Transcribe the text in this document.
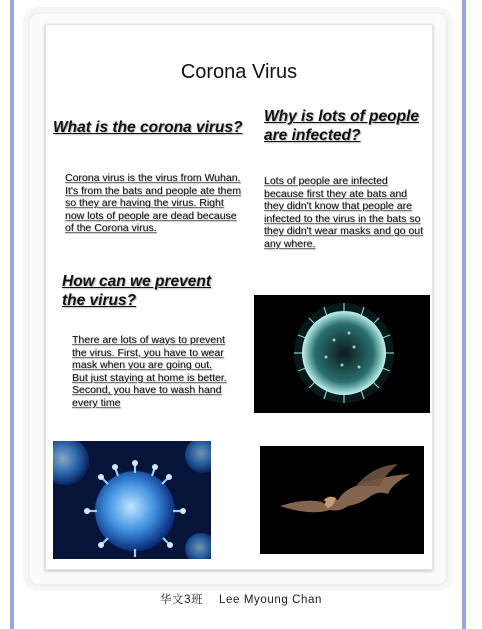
Corona Virus
What is the corona virus?
Corona virus is the virus from Wuhan. It's from the bats and people ate them so they are having the virus. Right now lots of people are dead because of the Corona virus.
Why is lots of people are infected?
Lots of people are infected because first they ate bats and they didn't know that people are infected to the virus in the bats so they didn't wear masks and go out any where.
How can we prevent the virus?
There are lots of ways to prevent the virus. First, you have to wear mask when you are going out. But just staying at home is better. Second, you have to wash hand every time
华文3班 Lee Myoung Chan
